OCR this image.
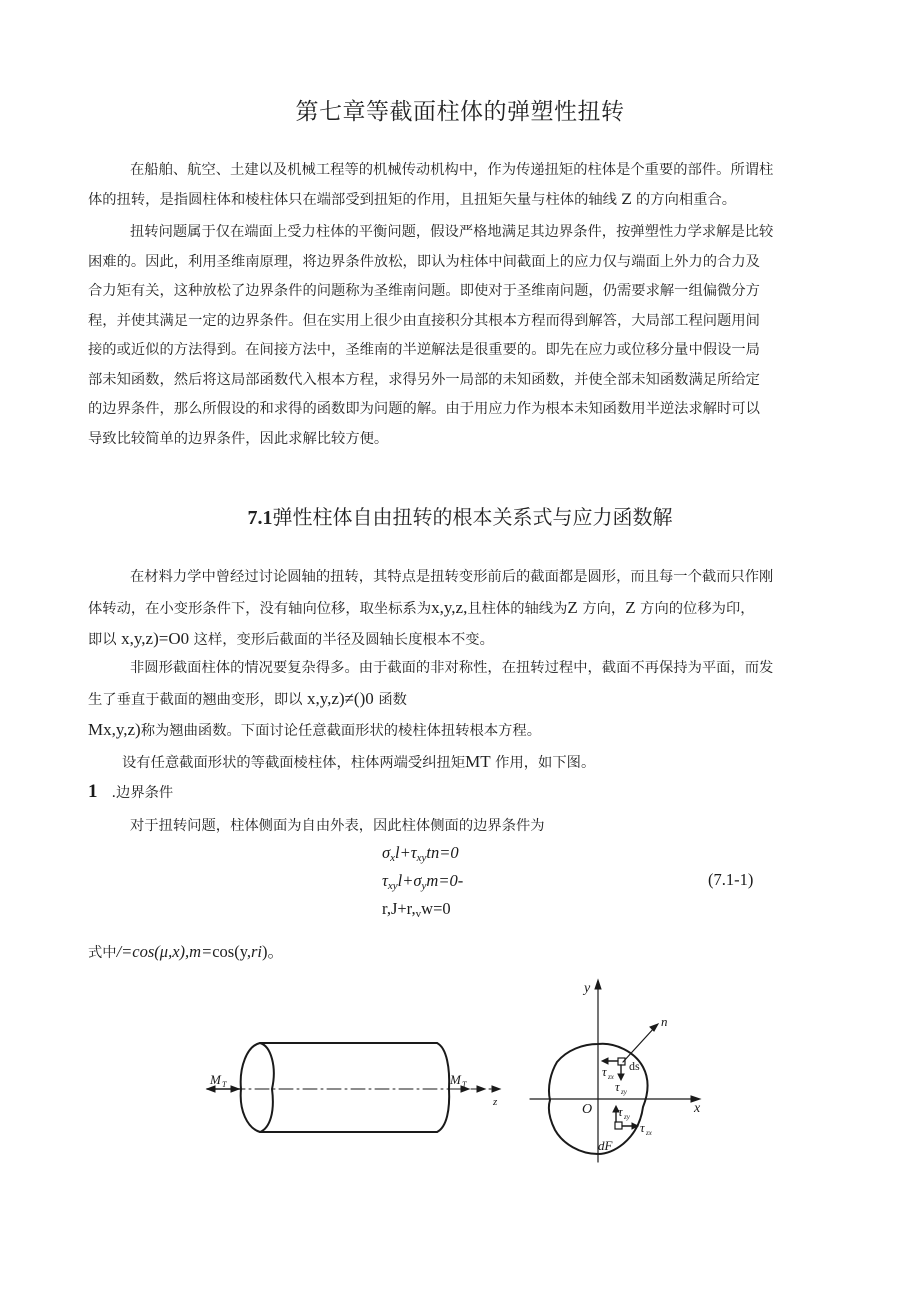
第七章等截面柱体的弹塑性扭转
在船舶、航空、土建以及机械工程等的机械传动机构中，作为传递扭矩的柱体是个重要的部件。所谓柱
体的扭转，是指圆柱体和棱柱体只在端部受到扭矩的作用，且扭矩矢量与柱体的轴线 Z 的方向相重合。
扭转问题属于仅在端面上受力柱体的平衡问题，假设严格地满足其边界条件，按弹塑性力学求解是比较
困难的。因此，利用圣维南原理，将边界条件放松，即认为柱体中间截面上的应力仅与端面上外力的合力及
合力矩有关，这种放松了边界条件的问题称为圣维南问题。即使对于圣维南问题，仍需要求解一组偏微分方
程，并使其满足一定的边界条件。但在实用上很少由直接积分其根本方程而得到解答，大局部工程问题用间
接的或近似的方法得到。在间接方法中，圣维南的半逆解法是很重要的。即先在应力或位移分量中假设一局
部未知函数，然后将这局部函数代入根本方程，求得另外一局部的未知函数，并使全部未知函数满足所给定
的边界条件，那么所假设的和求得的函数即为问题的解。由于用应力作为根本未知函数用半逆法求解时可以
导致比较简单的边界条件，因此求解比较方便。
7.1弹性柱体自由扭转的根本关系式与应力函数解
在材料力学中曾经过讨论圆轴的扭转，其特点是扭转变形前后的截面都是圆形，而且每一个截而只作刚
体转动，在小变形条件下，没有轴向位移，取坐标系为x,y,z,且柱体的轴线为Z 方向，Z 方向的位移为印，
即以 x,y,z)=O0 这样，变形后截面的半径及圆轴长度根本不变。
非圆形截面柱体的情况要复杂得多。由于截面的非对称性，在扭转过程中，截面不再保持为平面，而发
生了垂直于截面的翘曲变形，即以 x,y,z)≠()0 函数
Mx,y,z)称为翘曲函数。下面讨论任意截面形状的棱柱体扭转根本方程。
设有任意截面形状的等截面棱柱体，柱体两端受纠扭矩MT 作用，如下图。
1 .边界条件
对于扭转问题，柱体侧面为自由外表，因此柱体侧面的边界条件为
$\sigma_xl+\tau_{xy}tn=0$
$\tau_{xy}l+\sigma_ym=0-$
$r,J+r,_vw=0$
(7.1-1)
式中/=cos(μ,x),m=cos(y,ri)。
M T	M T
z
y
x
O
n
ds
τ zx
τ zy
τ zy
τ zx
dF
